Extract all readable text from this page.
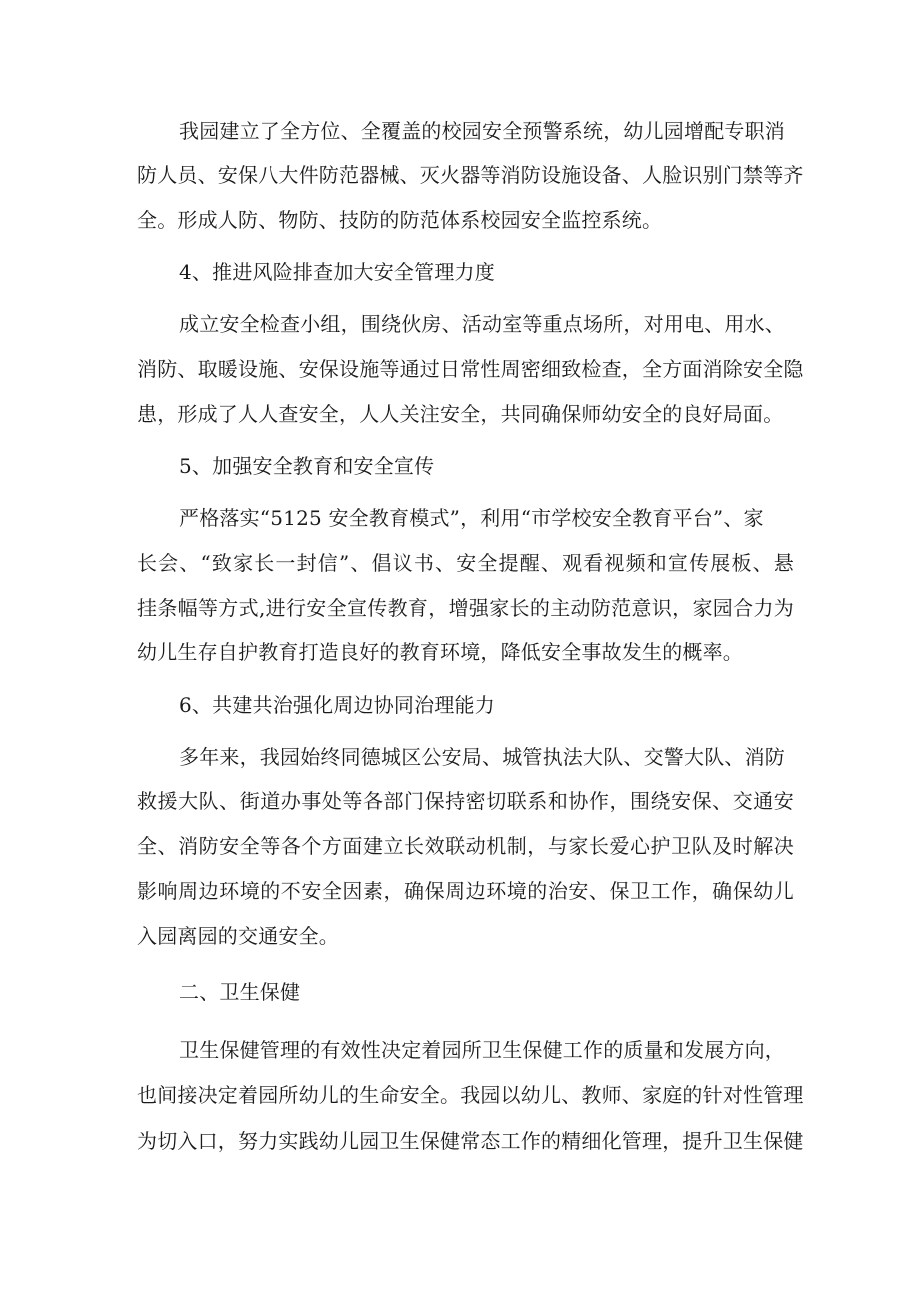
我园建立了全方位、全覆盖的校园安全预警系统，幼儿园增配专职消
防人员、安保八大件防范器械、灭火器等消防设施设备、人脸识别门禁等齐
全。形成人防、物防、技防的防范体系校园安全监控系统。
4、推进风险排查加大安全管理力度
成立安全检查小组，围绕伙房、活动室等重点场所，对用电、用水、
消防、取暖设施、安保设施等通过日常性周密细致检查，全方面消除安全隐
患，形成了人人查安全，人人关注安全，共同确保师幼安全的良好局面。
5、加强安全教育和安全宣传
严格落实“5125 安全教育模式”，利用“市学校安全教育平台”、家
长会、“致家长一封信”、倡议书、安全提醒、观看视频和宣传展板、悬
挂条幅等方式,进行安全宣传教育，增强家长的主动防范意识，家园合力为
幼儿生存自护教育打造良好的教育环境，降低安全事故发生的概率。
6、共建共治强化周边协同治理能力
多年来，我园始终同德城区公安局、城管执法大队、交警大队、消防
救援大队、街道办事处等各部门保持密切联系和协作，围绕安保、交通安
全、消防安全等各个方面建立长效联动机制，与家长爱心护卫队及时解决
影响周边环境的不安全因素，确保周边环境的治安、保卫工作，确保幼儿
入园离园的交通安全。
二、卫生保健
卫生保健管理的有效性决定着园所卫生保健工作的质量和发展方向，
也间接决定着园所幼儿的生命安全。我园以幼儿、教师、家庭的针对性管理
为切入口，努力实践幼儿园卫生保健常态工作的精细化管理，提升卫生保健
